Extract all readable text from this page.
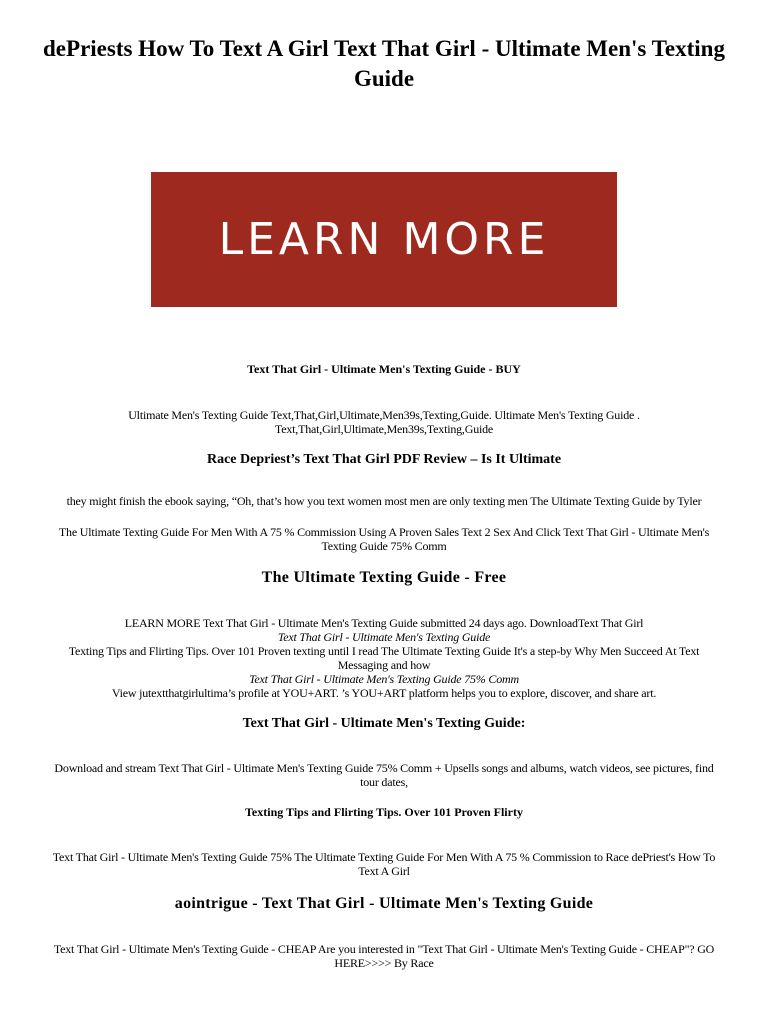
dePriests How To Text A Girl Text That Girl - Ultimate Men's Texting Guide
LEARN MORE

Text That Girl - Ultimate Men's Texting Guide - BUY

Ultimate Men's Texting Guide Text,That,Girl,Ultimate,Men39s,Texting,Guide. Ultimate Men's Texting Guide .
Text,That,Girl,Ultimate,Men39s,Texting,Guide

Race Depriest’s Text That Girl PDF Review – Is It Ultimate

they might finish the ebook saying, “Oh, that’s how you text women most men are only texting men The Ultimate Texting Guide by Tyler

The Ultimate Texting Guide For Men With A 75 % Commission Using A Proven Sales Text 2 Sex And Click Text That Girl - Ultimate Men's
Texting Guide 75% Comm

The Ultimate Texting Guide - Free

LEARN MORE Text That Girl - Ultimate Men's Texting Guide submitted 24 days ago. DownloadText That Girl
Text That Girl - Ultimate Men's Texting Guide
Texting Tips and Flirting Tips. Over 101 Proven texting until I read The Ultimate Texting Guide It's a step-by Why Men Succeed At Text
Messaging and how
Text That Girl - Ultimate Men's Texting Guide 75% Comm
View jutextthatgirlultima’s profile at YOU+ART. ’s YOU+ART platform helps you to explore, discover, and share art.

Text That Girl - Ultimate Men's Texting Guide:

Download and stream Text That Girl - Ultimate Men's Texting Guide 75% Comm + Upsells songs and albums, watch videos, see pictures, find
tour dates,

Texting Tips and Flirting Tips. Over 101 Proven Flirty

Text That Girl - Ultimate Men's Texting Guide 75% The Ultimate Texting Guide For Men With A 75 % Commission to Race dePriest's How To
Text A Girl

aointrigue - Text That Girl - Ultimate Men's Texting Guide

Text That Girl - Ultimate Men's Texting Guide - CHEAP Are you interested in "Text That Girl - Ultimate Men's Texting Guide - CHEAP"? GO
HERE>>>> By Race
